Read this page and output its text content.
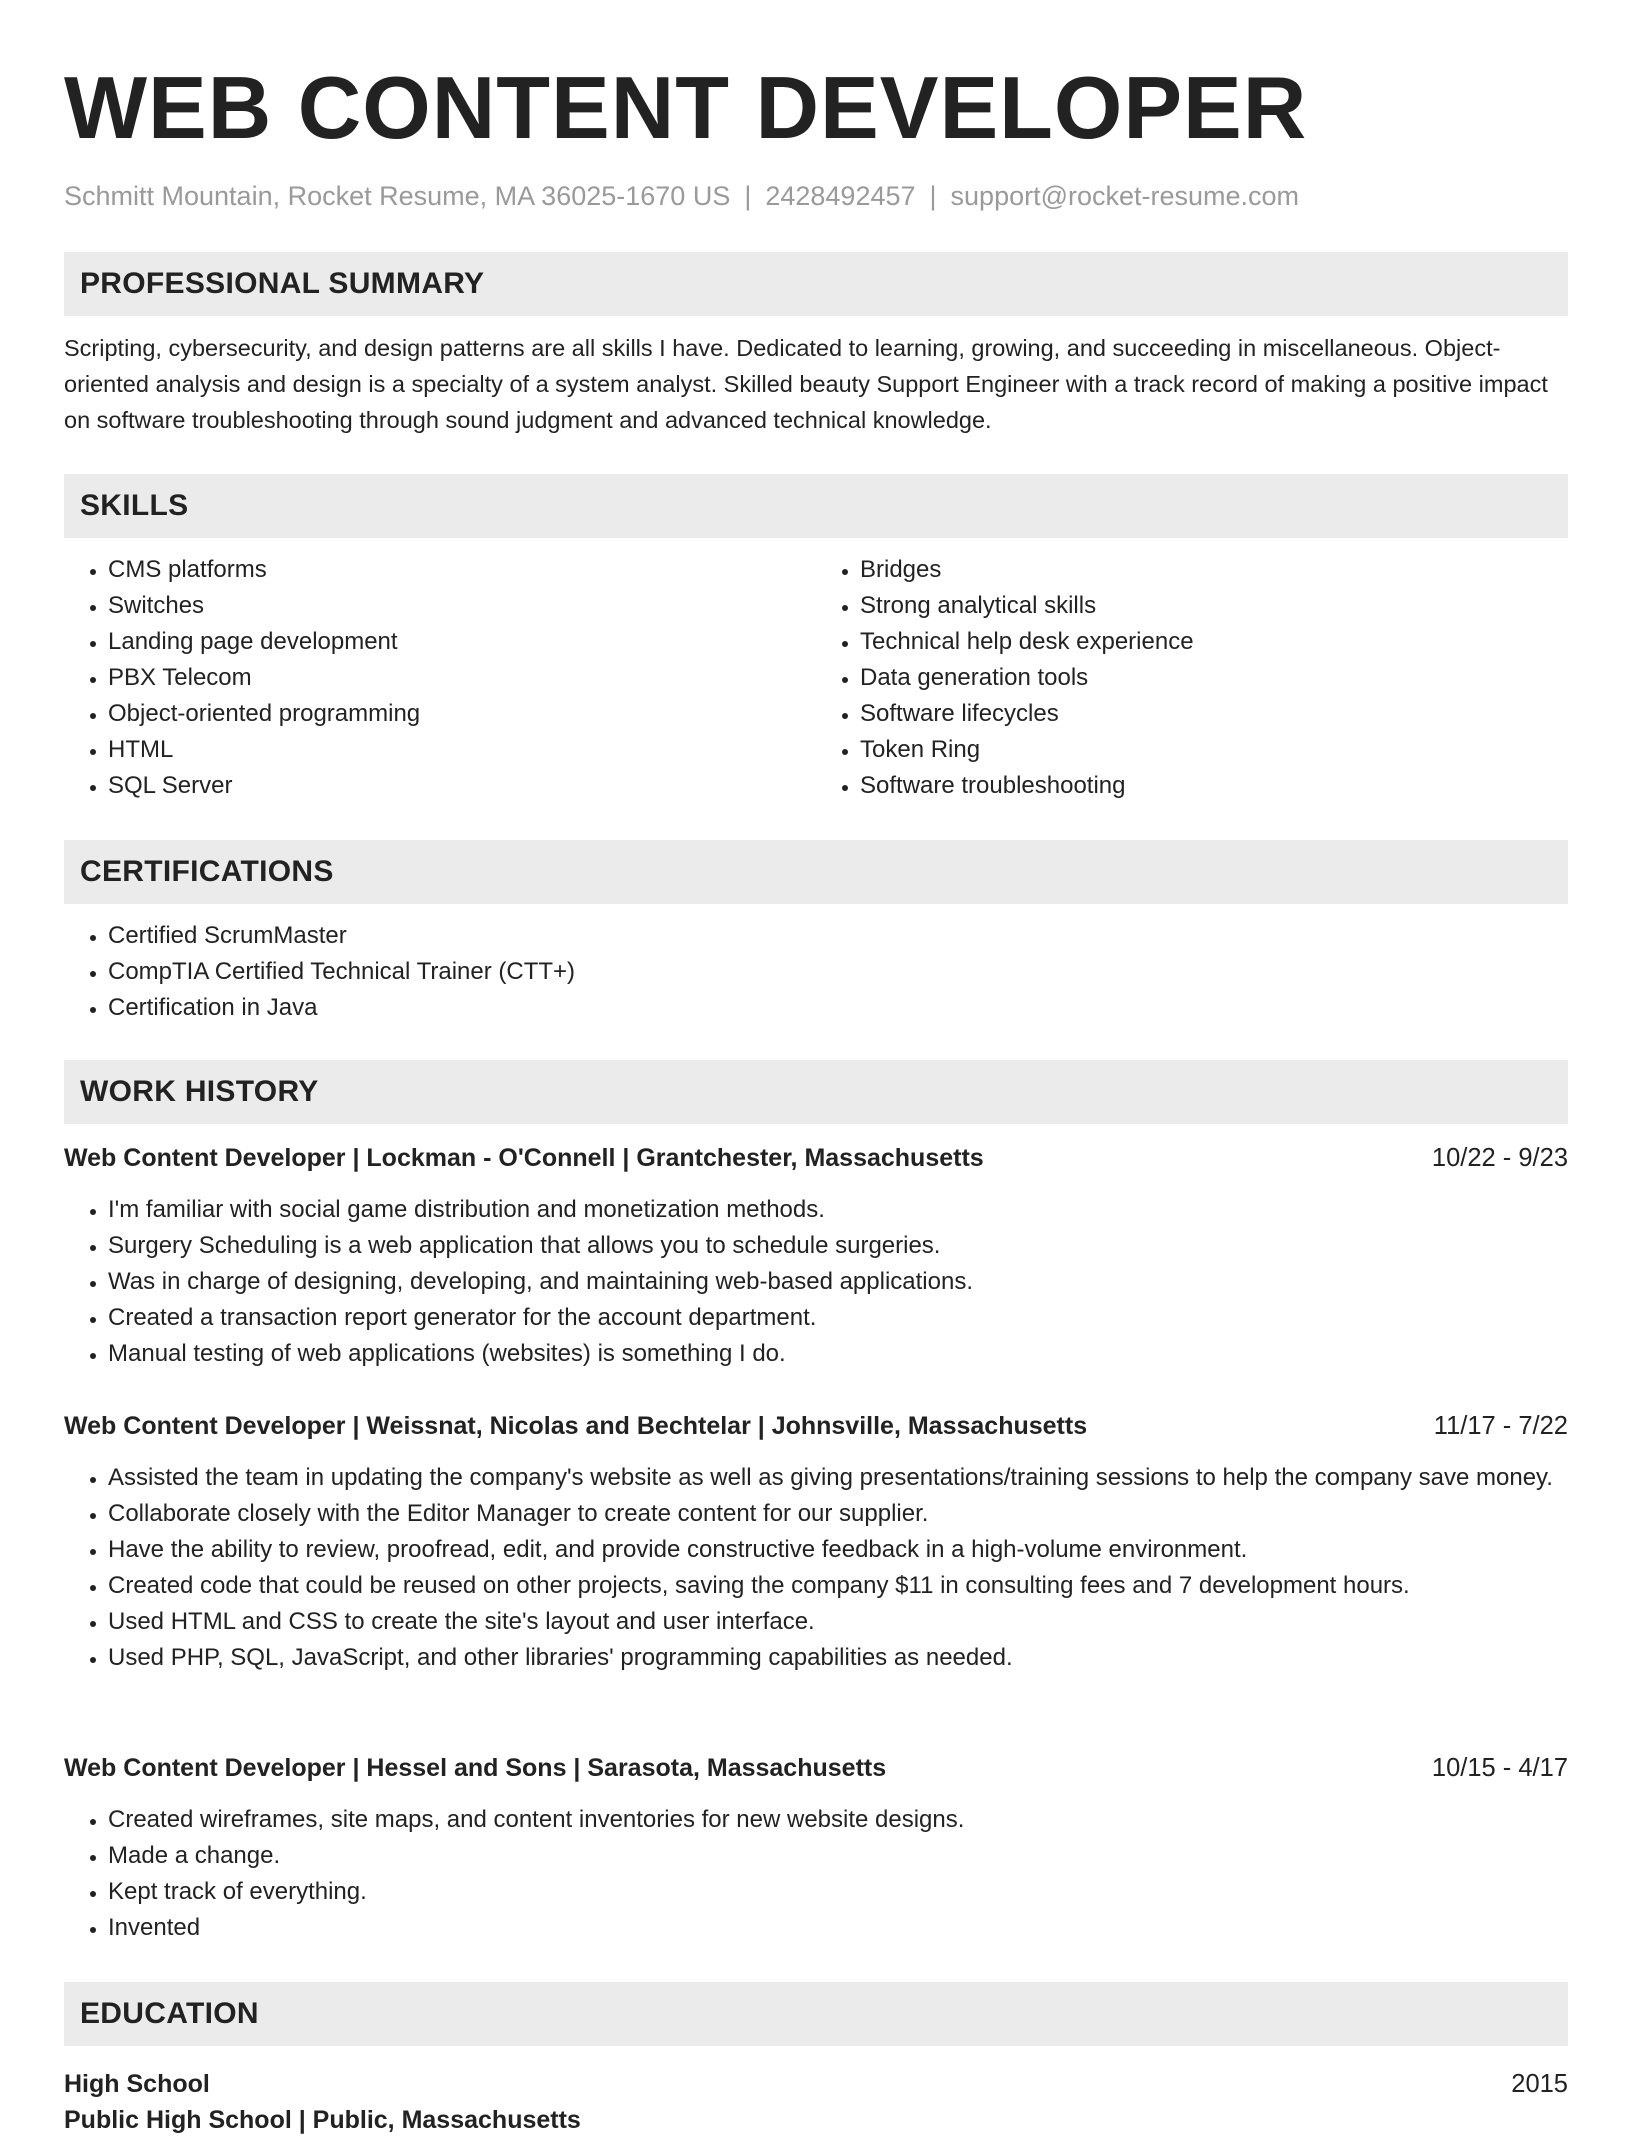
WEB CONTENT DEVELOPER
Schmitt Mountain, Rocket Resume, MA 36025-1670 US | 2428492457 | support@rocket-resume.com
PROFESSIONAL SUMMARY

Scripting, cybersecurity, and design patterns are all skills I have. Dedicated to learning, growing, and succeeding in miscellaneous. Object-oriented analysis and design is a specialty of a system analyst. Skilled beauty Support Engineer with a track record of making a positive impact on software troubleshooting through sound judgment and advanced technical knowledge.

SKILLS
• CMS platforms
• Switches
• Landing page development
• PBX Telecom
• Object-oriented programming
• HTML
• SQL Server
• Bridges
• Strong analytical skills
• Technical help desk experience
• Data generation tools
• Software lifecycles
• Token Ring
• Software troubleshooting
CERTIFICATIONS
• Certified ScrumMaster
• CompTIA Certified Technical Trainer (CTT+)
• Certification in Java
WORK HISTORY
Web Content Developer | Lockman - O'Connell | Grantchester, Massachusetts	10/22 - 9/23
• I'm familiar with social game distribution and monetization methods.
• Surgery Scheduling is a web application that allows you to schedule surgeries.
• Was in charge of designing, developing, and maintaining web-based applications.
• Created a transaction report generator for the account department.
• Manual testing of web applications (websites) is something I do.
Web Content Developer | Weissnat, Nicolas and Bechtelar | Johnsville, Massachusetts	11/17 - 7/22
• Assisted the team in updating the company's website as well as giving presentations/training sessions to help the company save money.
• Collaborate closely with the Editor Manager to create content for our supplier.
• Have the ability to review, proofread, edit, and provide constructive feedback in a high-volume environment.
• Created code that could be reused on other projects, saving the company $11 in consulting fees and 7 development hours.
• Used HTML and CSS to create the site's layout and user interface.
• Used PHP, SQL, JavaScript, and other libraries' programming capabilities as needed.
Web Content Developer | Hessel and Sons | Sarasota, Massachusetts	10/15 - 4/17
• Created wireframes, site maps, and content inventories for new website designs.
• Made a change.
• Kept track of everything.
• Invented
EDUCATION
High School	2015
Public High School | Public, Massachusetts
